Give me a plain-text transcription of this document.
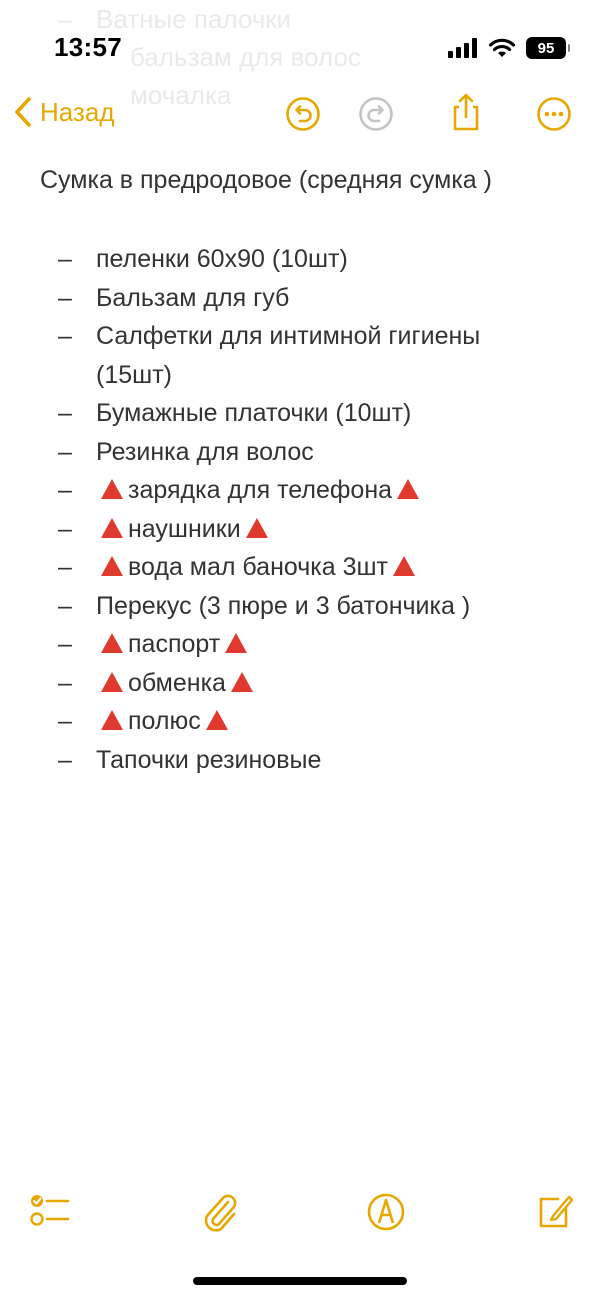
– Ватные палочки
бальзам для волос
мочалка
13:57	95
Назад
Сумка в предродовое (средняя сумка )
– пеленки 60х90 (10шт)
– Бальзам для губ
– Салфетки для интимной гигиены
(15шт)
– Бумажные платочки (10шт)
– Резинка для волос
– зарядка для телефона
– наушники
– вода мал баночка 3шт
– Перекус (3 пюре и 3 батончика )
– паспорт
– обменка
– полюс
– Тапочки резиновые
